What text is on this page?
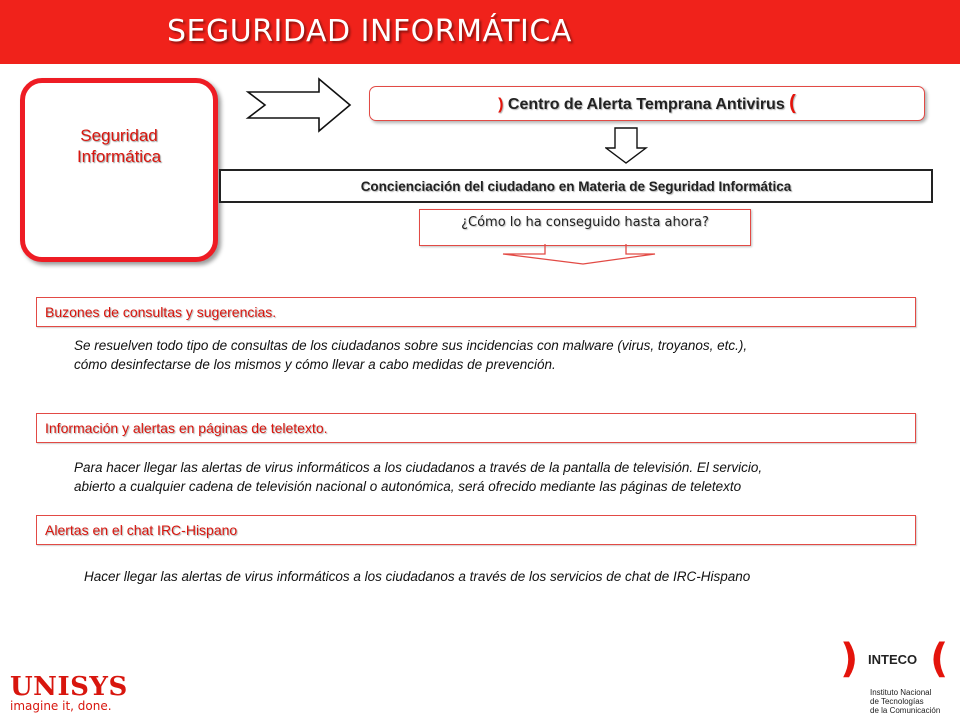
SEGURIDAD INFORMÁTICA
Seguridad
Informática
) Centro de Alerta Temprana Antivirus (
Concienciación del ciudadano en Materia de Seguridad Informática
¿Cómo lo ha conseguido hasta ahora?
Buzones de consultas y sugerencias.
Se resuelven todo tipo de consultas de los ciudadanos sobre sus incidencias con malware (virus, troyanos, etc.),
cómo desinfectarse de los mismos y cómo llevar a cabo medidas de prevención.
Información y alertas en páginas de teletexto.
Para hacer llegar las alertas de virus informáticos a los ciudadanos a través de la pantalla de televisión. El servicio,
abierto a cualquier cadena de televisión nacional o autonómica, será ofrecido mediante las páginas de teletexto
Alertas en el chat IRC-Hispano
Hacer llegar las alertas de virus informáticos a los ciudadanos a través de los servicios de chat de IRC-Hispano
UNISYS
imagine it, done.
) INTECO (
Instituto Nacional
de Tecnologías
de la Comunicación
